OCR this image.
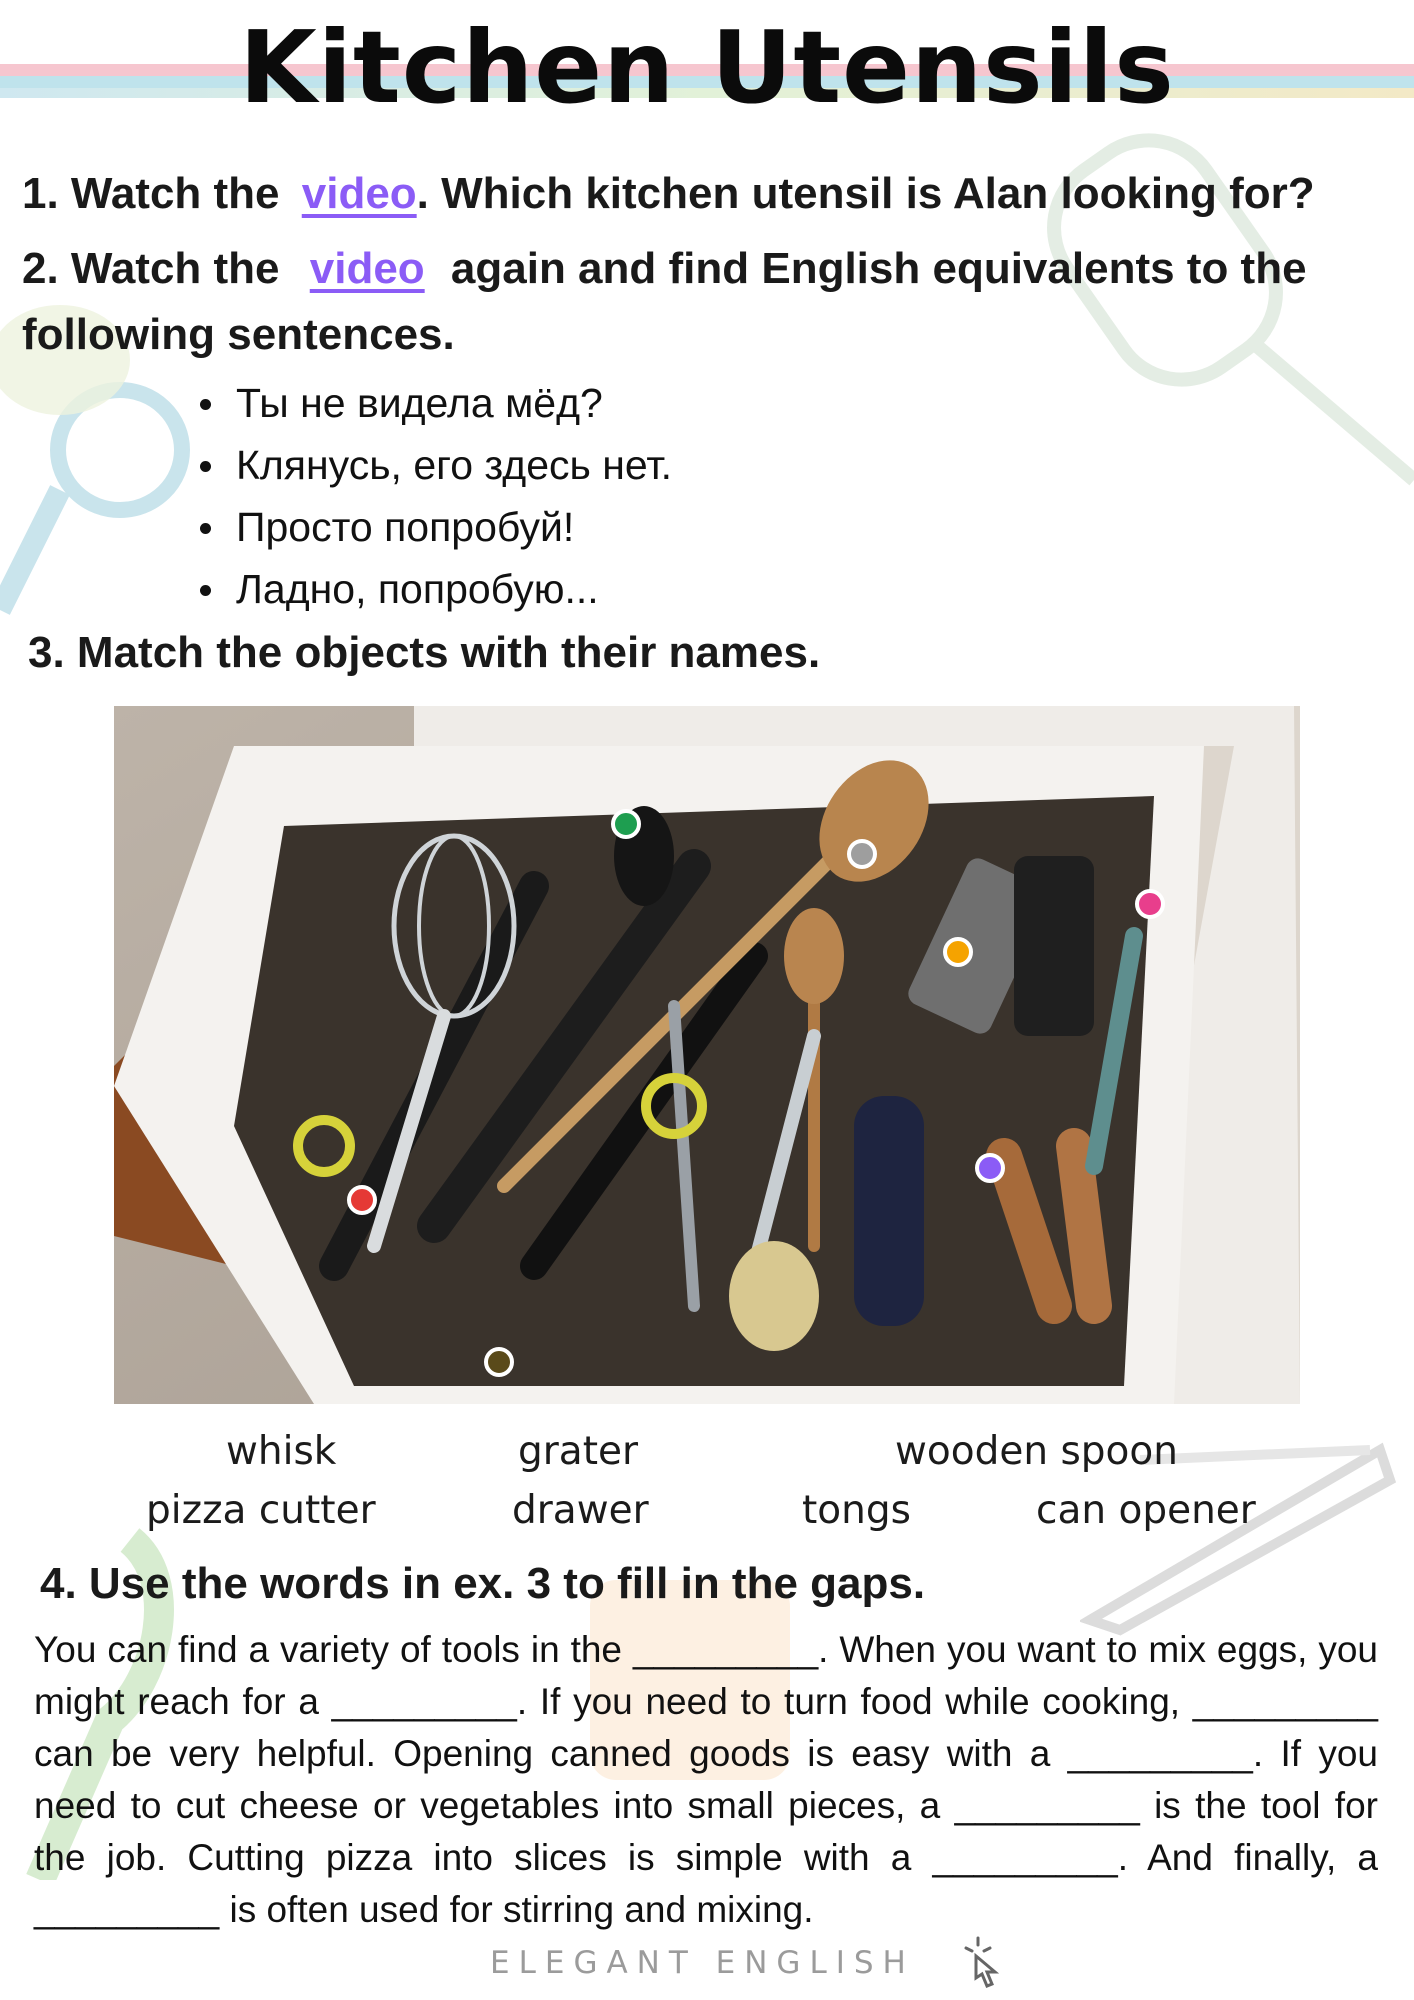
Kitchen Utensils
1. Watch the video. Which kitchen utensil is Alan looking for?
2. Watch the video again and find English equivalents to the
following sentences.
Ты не видела мёд?
Клянусь, его здесь нет.
Просто попробуй!
Ладно, попробую...
3. Match the objects with their names.
whisk	grater	wooden spoon
pizza cutter	drawer	tongs	can opener
4. Use the words in ex. 3 to fill in the gaps.
You can find a variety of tools in the _________. When you want to mix eggs, you might reach for a _________. If you need to turn food while cooking, _________ can be very helpful. Opening canned goods is easy with a _________. If you need to cut cheese or vegetables into small pieces, a _________ is the tool for the job. Cutting pizza into slices is simple with a _________. And finally, a _________ is often used for stirring and mixing.
ELEGANT ENGLISH
